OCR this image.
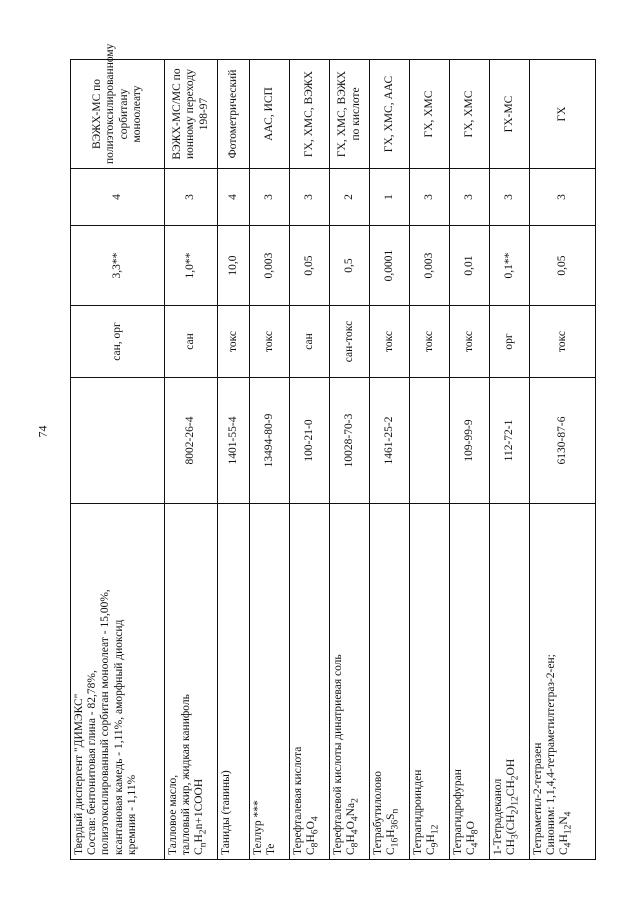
74
Твердый диспергент "ДИМЭКС" Состав: бентонитовая глина - 82,78%, полиэтоксилированный сорбитан моноолеат - 15,00%, ксантановая камедь - 1,11%, аморфный диоксид кремния - 1,11%		сан, орг	3,3**	4	ВЭЖХ-МС по полиэтоксилированному сорбитану моноолеату

Талловое масло, талловый жир, жидкая канифоль $C_nH_2n+1COOH$	8002-26-4	сан	1,0**	3	ВЭЖХ-МС/МС по ионному переходу 198-97

Таниды (танины)	1401-55-4	токс	10,0	4	Фотометрический

Теллур *** Te	13494-80-9	токс	0,003	3	ААС, ИСП

Терефталевая кислота $C_8H_6O_4$	100-21-0	сан	0,05	3	ГХ, ХМС, ВЭЖХ

Терефталевой кислоты динатриевая соль $C_8H_4O_4Na_2$	10028-70-3	сан-токс	0,5	2	ГХ, ХМС, ВЭЖХ по кислоте

Тетрабутилолово $C_{16}H_{36}S_n$	1461-25-2	токс	0,0001	1	ГХ, ХМС, ААС

Тетрагидроинден $C_9H_{12}$		токс	0,003	3	ГХ, ХМС

Тетрагидрофуран $C_4H_8O$	109-99-9	токс	0,01	3	ГХ, ХМС

1-Тетрадеканол $CH_3(CH_2)_{12}CH_2OH$	112-72-1	орг	0,1**	3	ГХ-МС

Тетраметил-2-тетразен Синоним: 1,1,4,4-тетраметилтетраз-2-ен; $C_4H_{12}N_4$	6130-87-6	токс	0,05	3	ГХ
